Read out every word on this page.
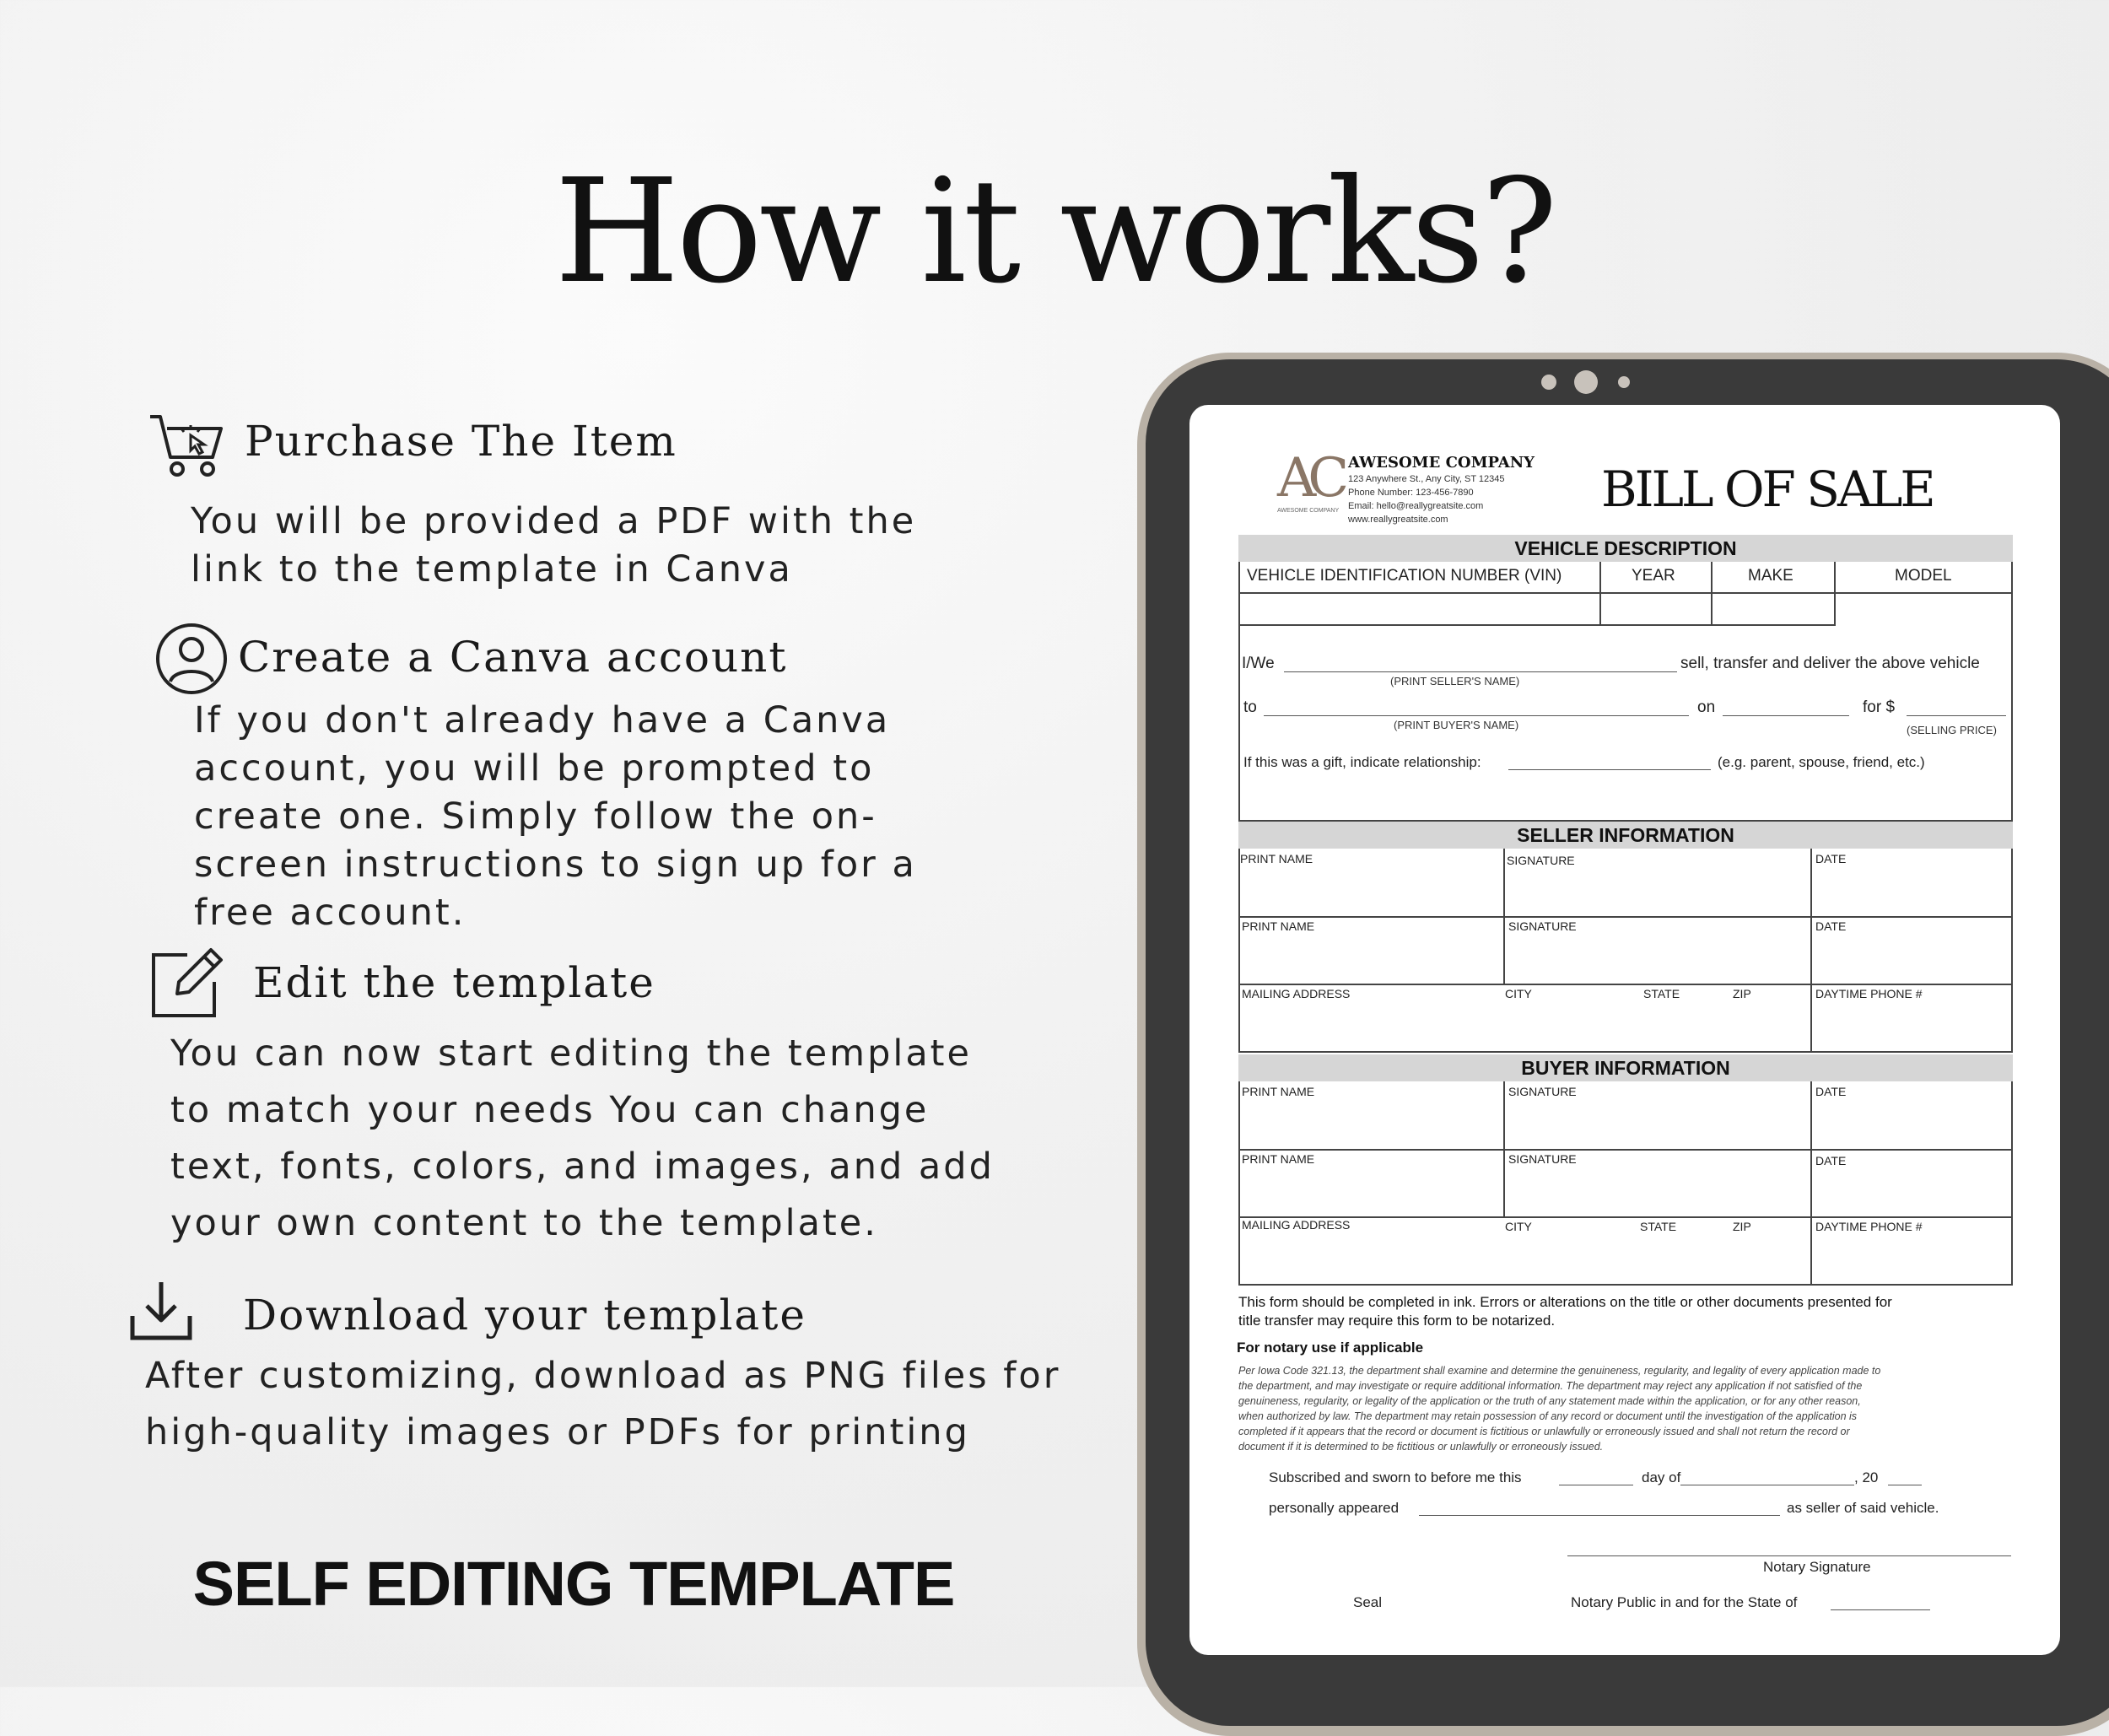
How it works?
Purchase The Item
You will be provided a PDF with the
link to the template in Canva
Create a Canva account
If you don't already have a Canva
account, you will be prompted to
create one. Simply follow the on-
screen instructions to sign up for a
free account.
Edit the template
You can now start editing the template
to match your needs You can change
text, fonts, colors, and images, and add
your own content to the template.
Download your template
After customizing, download as PNG files for
high-quality images or PDFs for printing
SELF EDITING TEMPLATE
AC
AWESOME COMPANY
AWESOME COMPANY
123 Anywhere St., Any City, ST 12345
Phone Number: 123-456-7890
Email: hello@reallygreatsite.com
www.reallygreatsite.com
BILL OF SALE
VEHICLE DESCRIPTION
VEHICLE IDENTIFICATION NUMBER (VIN)	YEAR	MAKE	MODEL
I/We	sell, transfer and deliver the above vehicle
(PRINT SELLER'S NAME)
to	on	for $
(PRINT BUYER'S NAME)	(SELLING PRICE)
If this was a gift, indicate relationship:	(e.g. parent, spouse, friend, etc.)
SELLER INFORMATION
PRINT NAME	SIGNATURE	DATE
PRINT NAME	SIGNATURE	DATE
MAILING ADDRESS	CITY	STATE	ZIP	DAYTIME PHONE #
BUYER INFORMATION
PRINT NAME	SIGNATURE	DATE
PRINT NAME	SIGNATURE	DATE
MAILING ADDRESS	CITY	STATE	ZIP	DAYTIME PHONE #
This form should be completed in ink. Errors or alterations on the title or other documents presented for
title transfer may require this form to be notarized.
For notary use if applicable
Per Iowa Code 321.13, the department shall examine and determine the genuineness, regularity, and legality of every application made to
the department, and may investigate or require additional information. The department may reject any application if not satisfied of the
genuineness, regularity, or legality of the application or the truth of any statement made within the application, or for any other reason,
when authorized by law. The department may retain possession of any record or document until the investigation of the application is
completed if it appears that the record or document is fictitious or unlawfully or erroneously issued and shall not return the record or
document if it is determined to be fictitious or unlawfully or erroneously issued.
Subscribed and sworn to before me this	day of	, 20
personally appeared	as seller of said vehicle.
Notary Signature
Seal	Notary Public in and for the State of
